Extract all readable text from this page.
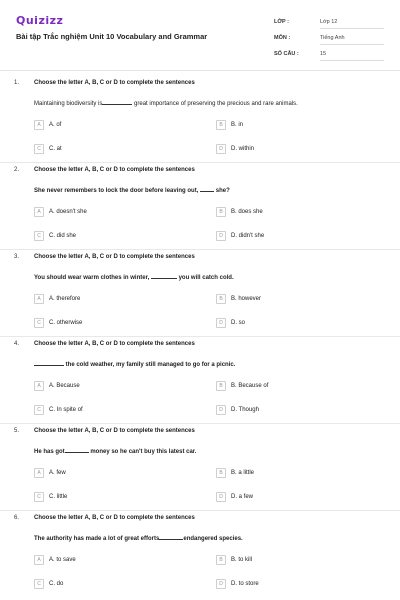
Quizizz
Bài tập Trắc nghiệm Unit 10 Vocabulary and Grammar
LỚP :	Lớp 12
MÔN :	Tiếng Anh
SỐ CÂU :	15
1. Choose the letter A, B, C or D to complete the sentences
Maintaining biodiversity is	great importance of preserving the precious and rare animals.
A	A. of	B	B. in
C	C. at	D	D. within
2. Choose the letter A, B, C or D to complete the sentences
She never remembers to lock the door before leaving out,	she?
A	A. doesn't she	B	B. does she
C	C. did she	D	D. didn't she
3. Choose the letter A, B, C or D to complete the sentences
You should wear warm clothes in winter,	you will catch cold.
A	A. therefore	B	B. however
C	C. otherwise	D	D. so
4. Choose the letter A, B, C or D to complete the sentences
the cold weather, my family still managed to go for a picnic.
A	A. Because	B	B. Because of
C	C. In spite of	D	D. Though
5. Choose the letter A, B, C or D to complete the sentences
He has got	money so he can't buy this latest car.
A	A. few	B	B. a little
C	C. little	D	D. a few
6. Choose the letter A, B, C or D to complete the sentences
The authority has made a lot of great efforts	endangered species.
A	A. to save	B	B. to kill
C	C. do	D	D. to store
